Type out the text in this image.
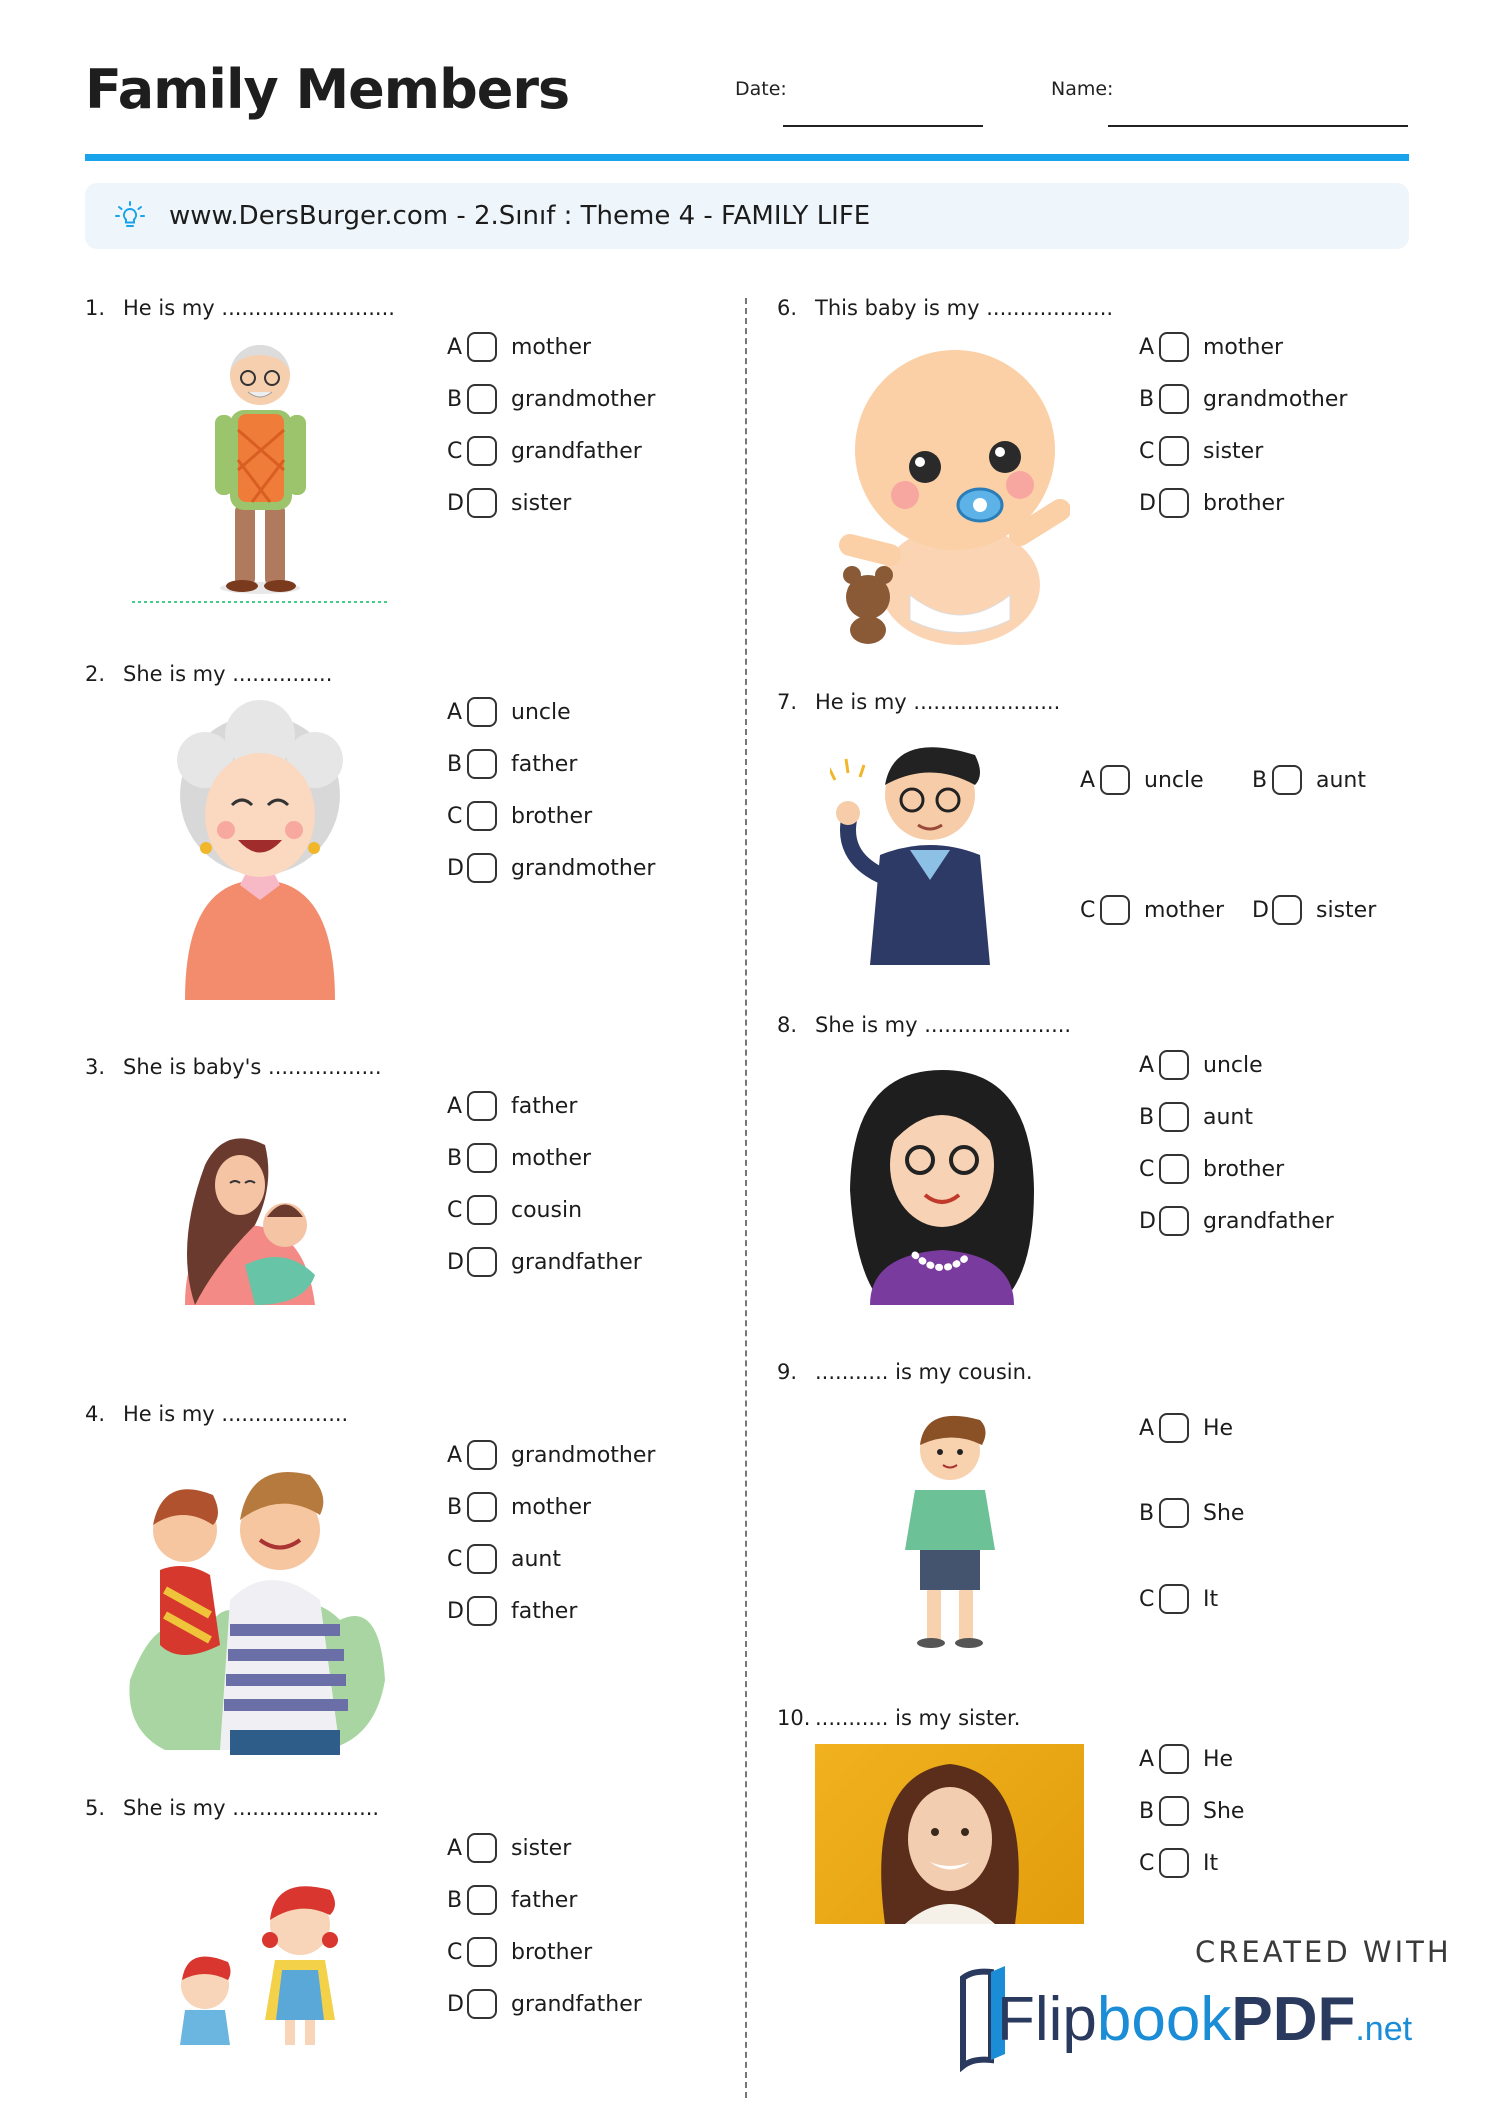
Family Members	Date:	Name:
www.DersBurger.com - 2.Sınıf : Theme 4 - FAMILY LIFE
1. He is my ..........................
A mother
B grandmother
C grandfather
D sister
2. She is my ...............
A uncle
B father
C brother
D grandmother
3. She is baby's .................
A father
B mother
C cousin
D grandfather
4. He is my ...................
A grandmother
B mother
C aunt
D father
5. She is my ......................
A sister
B father
C brother
D grandfather
6. This baby is my ...................
A mother
B grandmother
C sister
D brother
7. He is my ......................
A uncle B aunt
C mother D sister
8. She is my ......................
A uncle
B aunt
C brother
D grandfather
9. ........... is my cousin.
A He
B She
C It
10. ........... is my sister.
A He
B She
C It
CREATED WITH
FlipbookPDF.net
